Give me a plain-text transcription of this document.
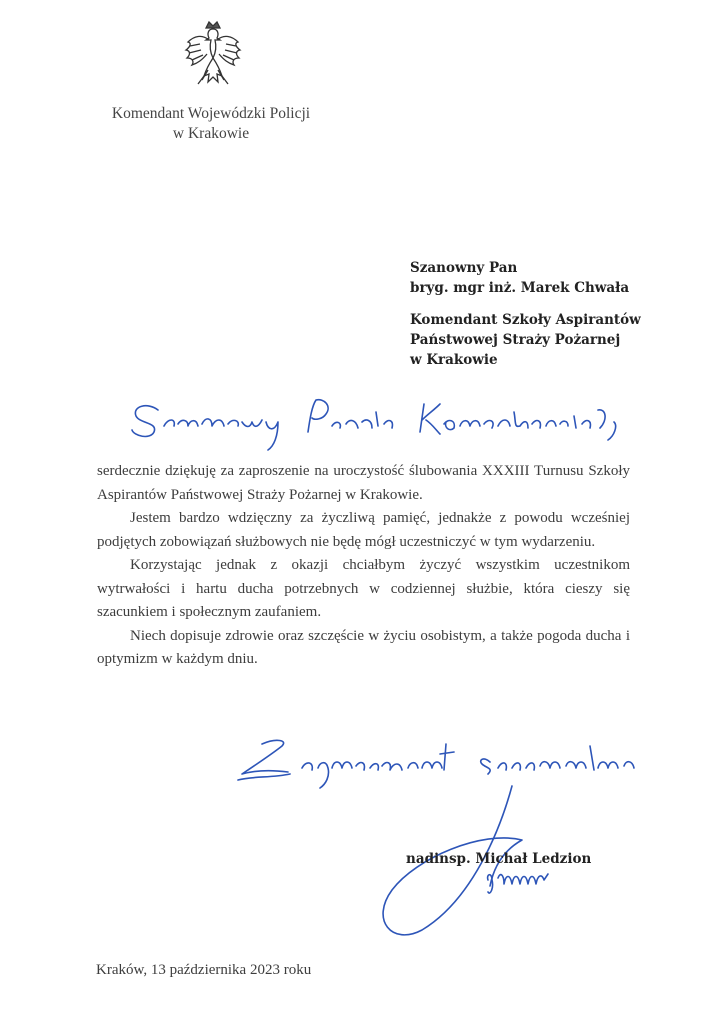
Komendant Wojewódzki Policji
w Krakowie
Szanowny Pan
bryg. mgr inż. Marek Chwała
Komendant Szkoły Aspirantów
Państwowej Straży Pożarnej
w Krakowie

serdecznie dziękuję za zaproszenie na uroczystość ślubowania XXXIII Turnusu Szkoły Aspirantów Państwowej Straży Pożarnej w Krakowie.

Jestem bardzo wdzięczny za życzliwą pamięć, jednakże z powodu wcześniej podjętych zobowiązań służbowych nie będę mógł uczestniczyć w tym wydarzeniu.

Korzystając jednak z okazji chciałbym życzyć wszystkim uczestnikom wytrwałości i hartu ducha potrzebnych w codziennej służbie, która cieszy się szacunkiem i społecznym zaufaniem.

Niech dopisuje zdrowie oraz szczęście w życiu osobistym, a także pogoda ducha i optymizm w każdym dniu.

nadinsp. Michał Ledzion
Kraków, 13 października 2023 roku
